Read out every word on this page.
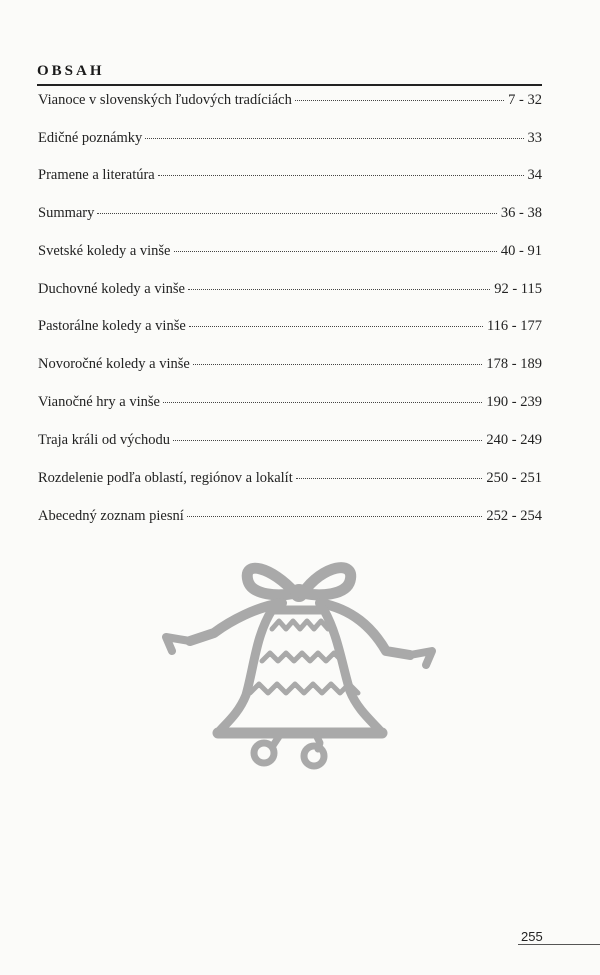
OBSAH
Vianoce v slovenských ľudových tradíciách	7 - 32
Edičné poznámky	33
Pramene a literatúra	34
Summary	36 - 38
Svetské koledy a vinše	40 - 91
Duchovné koledy a vinše	92 - 115
Pastorálne koledy a vinše	116 - 177
Novoročné koledy a vinše	178 - 189
Vianočné hry a vinše	190 - 239
Traja králi od východu	240 - 249
Rozdelenie podľa oblastí, regiónov a lokalít	250 - 251
Abecedný zoznam piesní	252 - 254
255
